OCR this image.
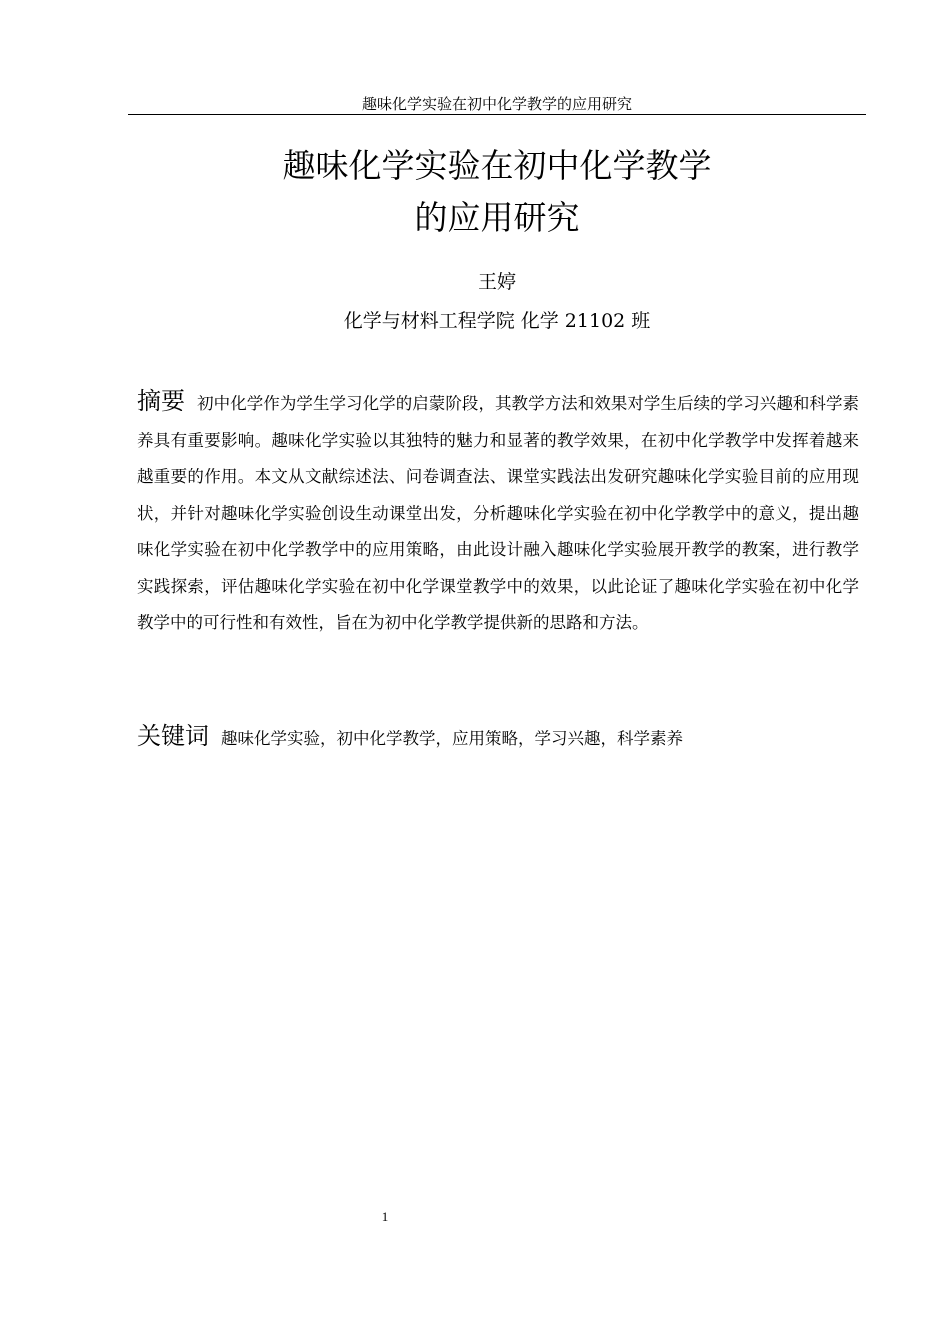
趣味化学实验在初中化学教学的应用研究
趣味化学实验在初中化学教学
的应用研究
王婷
化学与材料工程学院 化学 21102 班

摘要 初中化学作为学生学习化学的启蒙阶段，其教学方法和效果对学生后续的学习兴趣和科学素养具有重要影响。趣味化学实验以其独特的魅力和显著的教学效果，在初中化学教学中发挥着越来越重要的作用。本文从文献综述法、问卷调查法、课堂实践法出发研究趣味化学实验目前的应用现状，并针对趣味化学实验创设生动课堂出发，分析趣味化学实验在初中化学教学中的意义，提出趣味化学实验在初中化学教学中的应用策略，由此设计融入趣味化学实验展开教学的教案，进行教学实践探索，评估趣味化学实验在初中化学课堂教学中的效果，以此论证了趣味化学实验在初中化学教学中的可行性和有效性，旨在为初中化学教学提供新的思路和方法。

关键词 趣味化学实验，初中化学教学，应用策略，学习兴趣，科学素养

1
